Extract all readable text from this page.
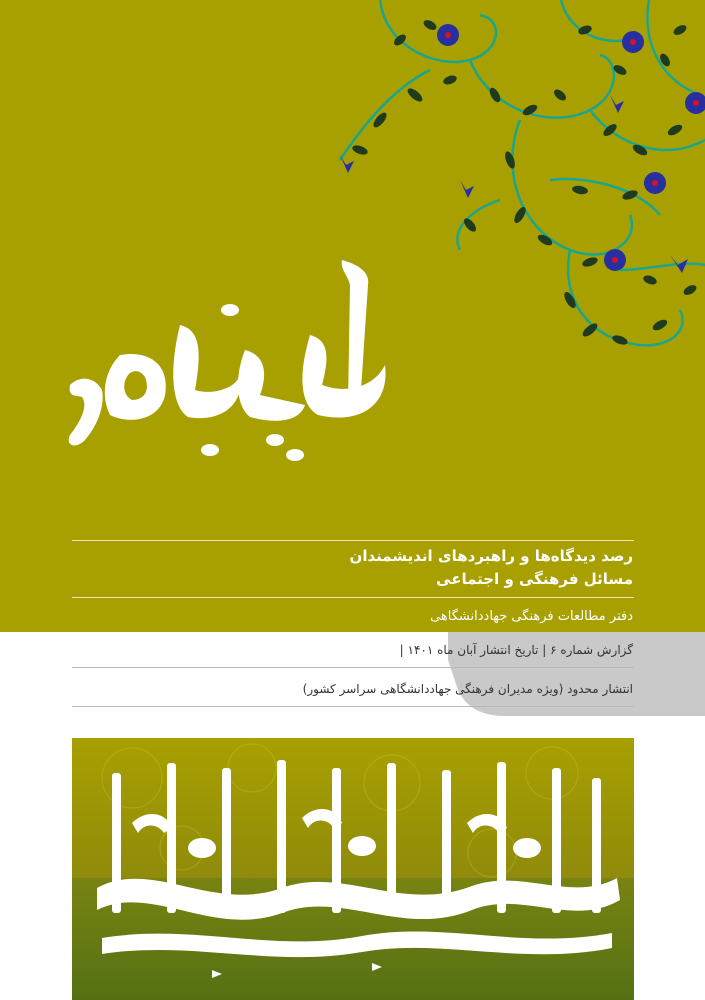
رصد دیدگاه‌ها و راهبردهای اندیشمندان
مسائل فرهنگی و اجتماعی
دفتر مطالعات فرهنگی جهاددانشگاهی
گزارش شماره ۶ | تاریخ انتشار آبان ماه ۱۴۰۱ |
انتشار محدود (ویژه مدیران فرهنگی جهاددانشگاهی سراسر کشور)
